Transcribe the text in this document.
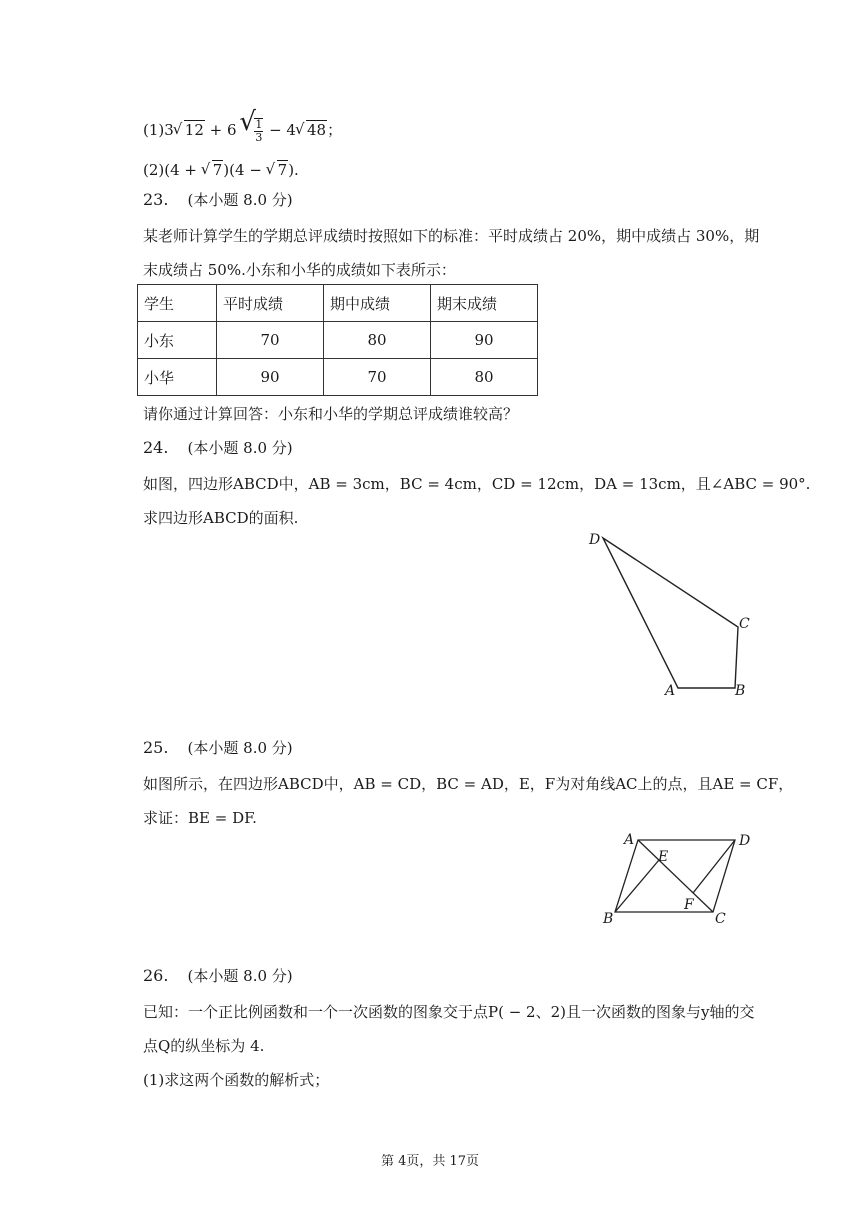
(1)3 √ 12 + 6 √ $\frac{1}{3} - 4$ √ 48；
(2)(4 + √ 7)(4 − √ 7).
23. (本小题 8.0 分)
某老师计算学生的学期总评成绩时按照如下的标准：平时成绩占 20%，期中成绩占 30%，期
末成绩占 50%.小东和小华的成绩如下表所示：
学生	平时成绩	期中成绩	期末成绩
小东	70	80	90
小华	90	70	80
请你通过计算回答：小东和小华的学期总评成绩谁较高？
24. (本小题 8.0 分)
如图，四边形ABCD中，AB = 3cm，BC = 4cm，CD = 12cm，DA = 13cm，且∠ABC = 90°.
求四边形ABCD的面积.
D
C
A	B
25. (本小题 8.0 分)
如图所示，在四边形ABCD中，AB = CD，BC = AD，E，F为对角线AC上的点，且AE = CF，
求证：BE = DF.
A	D
E
F
B	C
26. (本小题 8.0 分)
已知：一个正比例函数和一个一次函数的图象交于点P( − 2、2)且一次函数的图象与y轴的交
点Q的纵坐标为 4.
(1)求这两个函数的解析式；
第 4页，共 17页
